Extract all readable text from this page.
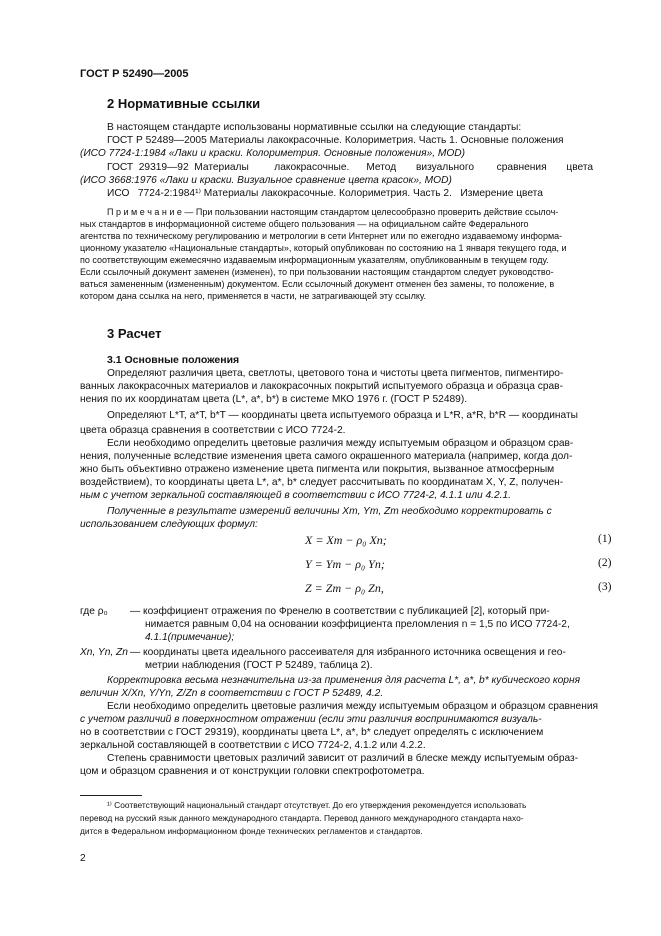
ГОСТ Р 52490—2005
2 Нормативные ссылки
В настоящем стандарте использованы нормативные ссылки на следующие стандарты:
ГОСТ Р 52489—2005 Материалы лакокрасочные. Колориметрия. Часть 1. Основные положения
(ИСО 7724-1:1984 «Лаки и краски. Колориметрия. Основные положения», MOD)
ГОСТ  29319—92  Материалы         лакокрасочные.      Метод       визуального        сравнения       цвета
(ИСО 3668:1976 «Лаки и краски. Визуальное сравнение цвета красок», MOD)
ИСО   7724-2:1984¹⁾ Материалы лакокрасочные. Колориметрия. Часть 2.   Измерение цвета
П р и м е ч а н и е — При пользовании настоящим стандартом целесообразно проверить действие ссылоч-
ных стандартов в информационной системе общего пользования — на официальном сайте Федерального
агентства по техническому регулированию и метрологии в сети Интернет или по ежегодно издаваемому информа-
ционному указателю «Национальные стандарты», который опубликован по состоянию на 1 января текущего года, и
по соответствующим ежемесячно издаваемым информационным указателям, опубликованным в текущем году.
Если ссылочный документ заменен (изменен), то при пользовании настоящим стандартом следует руководство-
ваться замененным (измененным) документом. Если ссылочный документ отменен без замены, то положение, в
котором дана ссылка на него, применяется в части, не затрагивающей эту ссылку.
3 Расчет
3.1 Основные положения
Определяют различия цвета, светлоты, цветового тона и чистоты цвета пигментов, пигментиро-
ванных лакокрасочных материалов и лакокрасочных покрытий испытуемого образца и образца срав-
нения по их координатам цвета (L*, a*, b*) в системе МКО 1976 г. (ГОСТ Р 52489).
Определяют L*T, a*T, b*T — координаты цвета испытуемого образца и L*R, a*R, b*R — координаты
цвета образца сравнения в соответствии с ИСО 7724-2.
Если необходимо определить цветовые различия между испытуемым образцом и образцом срав-
нения, полученные вследствие изменения цвета самого окрашенного материала (например, когда дол-
жно быть объективно отражено изменение цвета пигмента или покрытия, вызванное атмосферным
воздействием), то координаты цвета L*, a*, b* следует рассчитывать по координатам X, Y, Z, получен-
ным с учетом зеркальной составляющей в соответствии с ИСО 7724-2, 4.1.1 или 4.2.1.
Полученные в результате измерений величины Xm, Ym, Zm необходимо корректировать с
использованием следующих формул:
X = Xm − ρ₀ Xn;	(1)
Y = Ym − ρ₀ Yn;	(2)
Z = Zm − ρ₀ Zn,	(3)
где ρ₀ — коэффициент отражения по Френелю в соответствии с публикацией [2], который при-
нимается равным 0,04 на основании коэффициента преломления n = 1,5 по ИСО 7724-2,
4.1.1(примечание);
Xn, Yn, Zn — координаты цвета идеального рассеивателя для избранного источника освещения и гео-
метрии наблюдения (ГОСТ Р 52489, таблица 2).
Корректировка весьма незначительна из-за применения для расчета L*, a*, b* кубического корня
величин X/Xn, Y/Yn, Z/Zn в соответствии с ГОСТ Р 52489, 4.2.
Если необходимо определить цветовые различия между испытуемым образцом и образцом сравнения
с учетом различий в поверхностном отражении (если эти различия воспринимаются визуаль-
но в соответствии с ГОСТ 29319), координаты цвета L*, a*, b* следует определять с исключением
зеркальной составляющей в соответствии с ИСО 7724-2, 4.1.2 или 4.2.2.
Степень сравнимости цветовых различий зависит от различий в блеске между испытуемым образ-
цом и образцом сравнения и от конструкции головки спектрофотометра.
¹⁾ Соответствующий национальный стандарт отсутствует. До его утверждения рекомендуется использовать
перевод на русский язык данного международного стандарта. Перевод данного международного стандарта нахо-
дится в Федеральном информационном фонде технических регламентов и стандартов.
2
